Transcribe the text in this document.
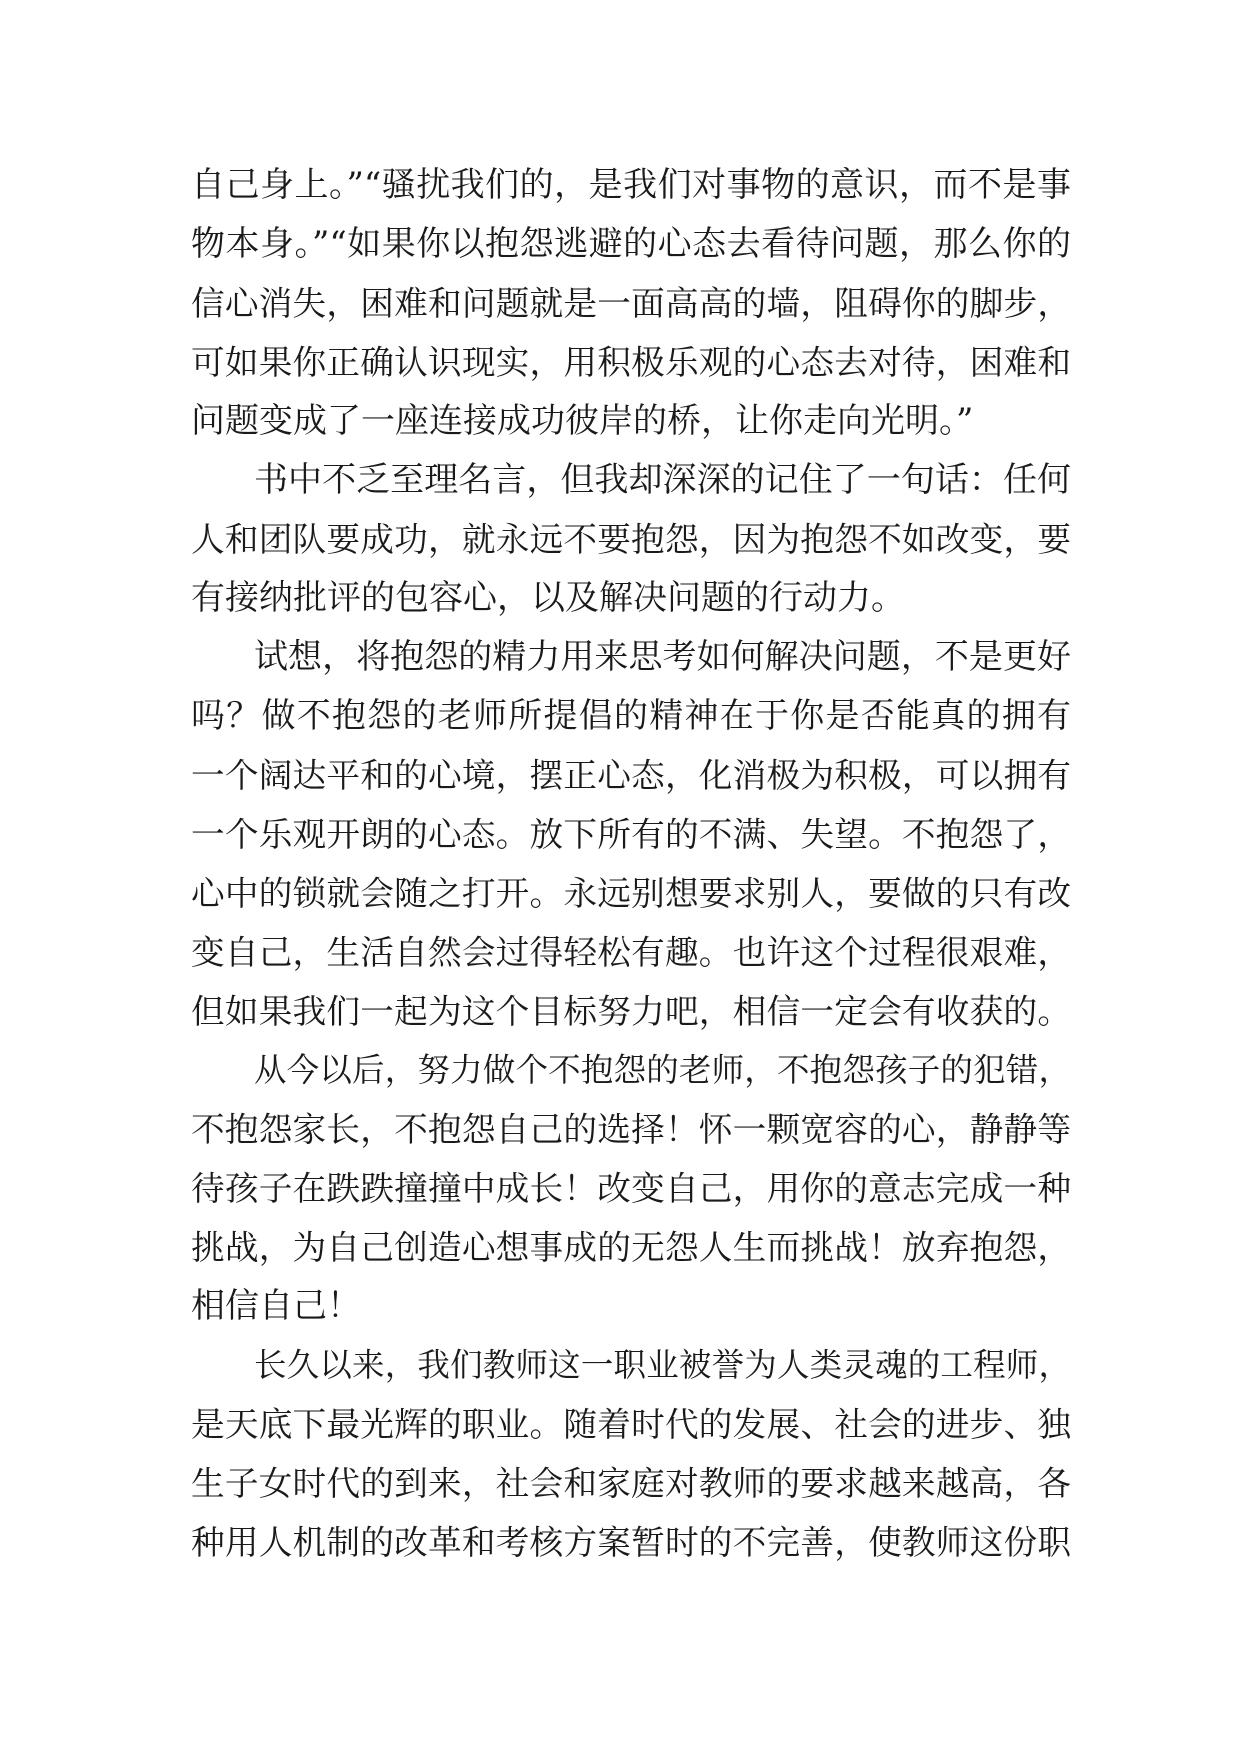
自己身上。”“骚扰我们的，是我们对事物的意识，而不是事
物本身。”“如果你以抱怨逃避的心态去看待问题，那么你的
信心消失，困难和问题就是一面高高的墙，阻碍你的脚步，
可如果你正确认识现实，用积极乐观的心态去对待，困难和
问题变成了一座连接成功彼岸的桥，让你走向光明。”
书中不乏至理名言，但我却深深的记住了一句话：任何
人和团队要成功，就永远不要抱怨，因为抱怨不如改变，要
有接纳批评的包容心，以及解决问题的行动力。
试想，将抱怨的精力用来思考如何解决问题，不是更好
吗？做不抱怨的老师所提倡的精神在于你是否能真的拥有
一个阔达平和的心境，摆正心态，化消极为积极，可以拥有
一个乐观开朗的心态。放下所有的不满、失望。不抱怨了，
心中的锁就会随之打开。永远别想要求别人，要做的只有改
变自己，生活自然会过得轻松有趣。也许这个过程很艰难，
但如果我们一起为这个目标努力吧，相信一定会有收获的。
从今以后，努力做个不抱怨的老师，不抱怨孩子的犯错，
不抱怨家长，不抱怨自己的选择！怀一颗宽容的心，静静等
待孩子在跌跌撞撞中成长！改变自己，用你的意志完成一种
挑战，为自己创造心想事成的无怨人生而挑战！放弃抱怨，
相信自己！
长久以来，我们教师这一职业被誉为人类灵魂的工程师，
是天底下最光辉的职业。随着时代的发展、社会的进步、独
生子女时代的到来，社会和家庭对教师的要求越来越高，各
种用人机制的改革和考核方案暂时的不完善，使教师这份职
